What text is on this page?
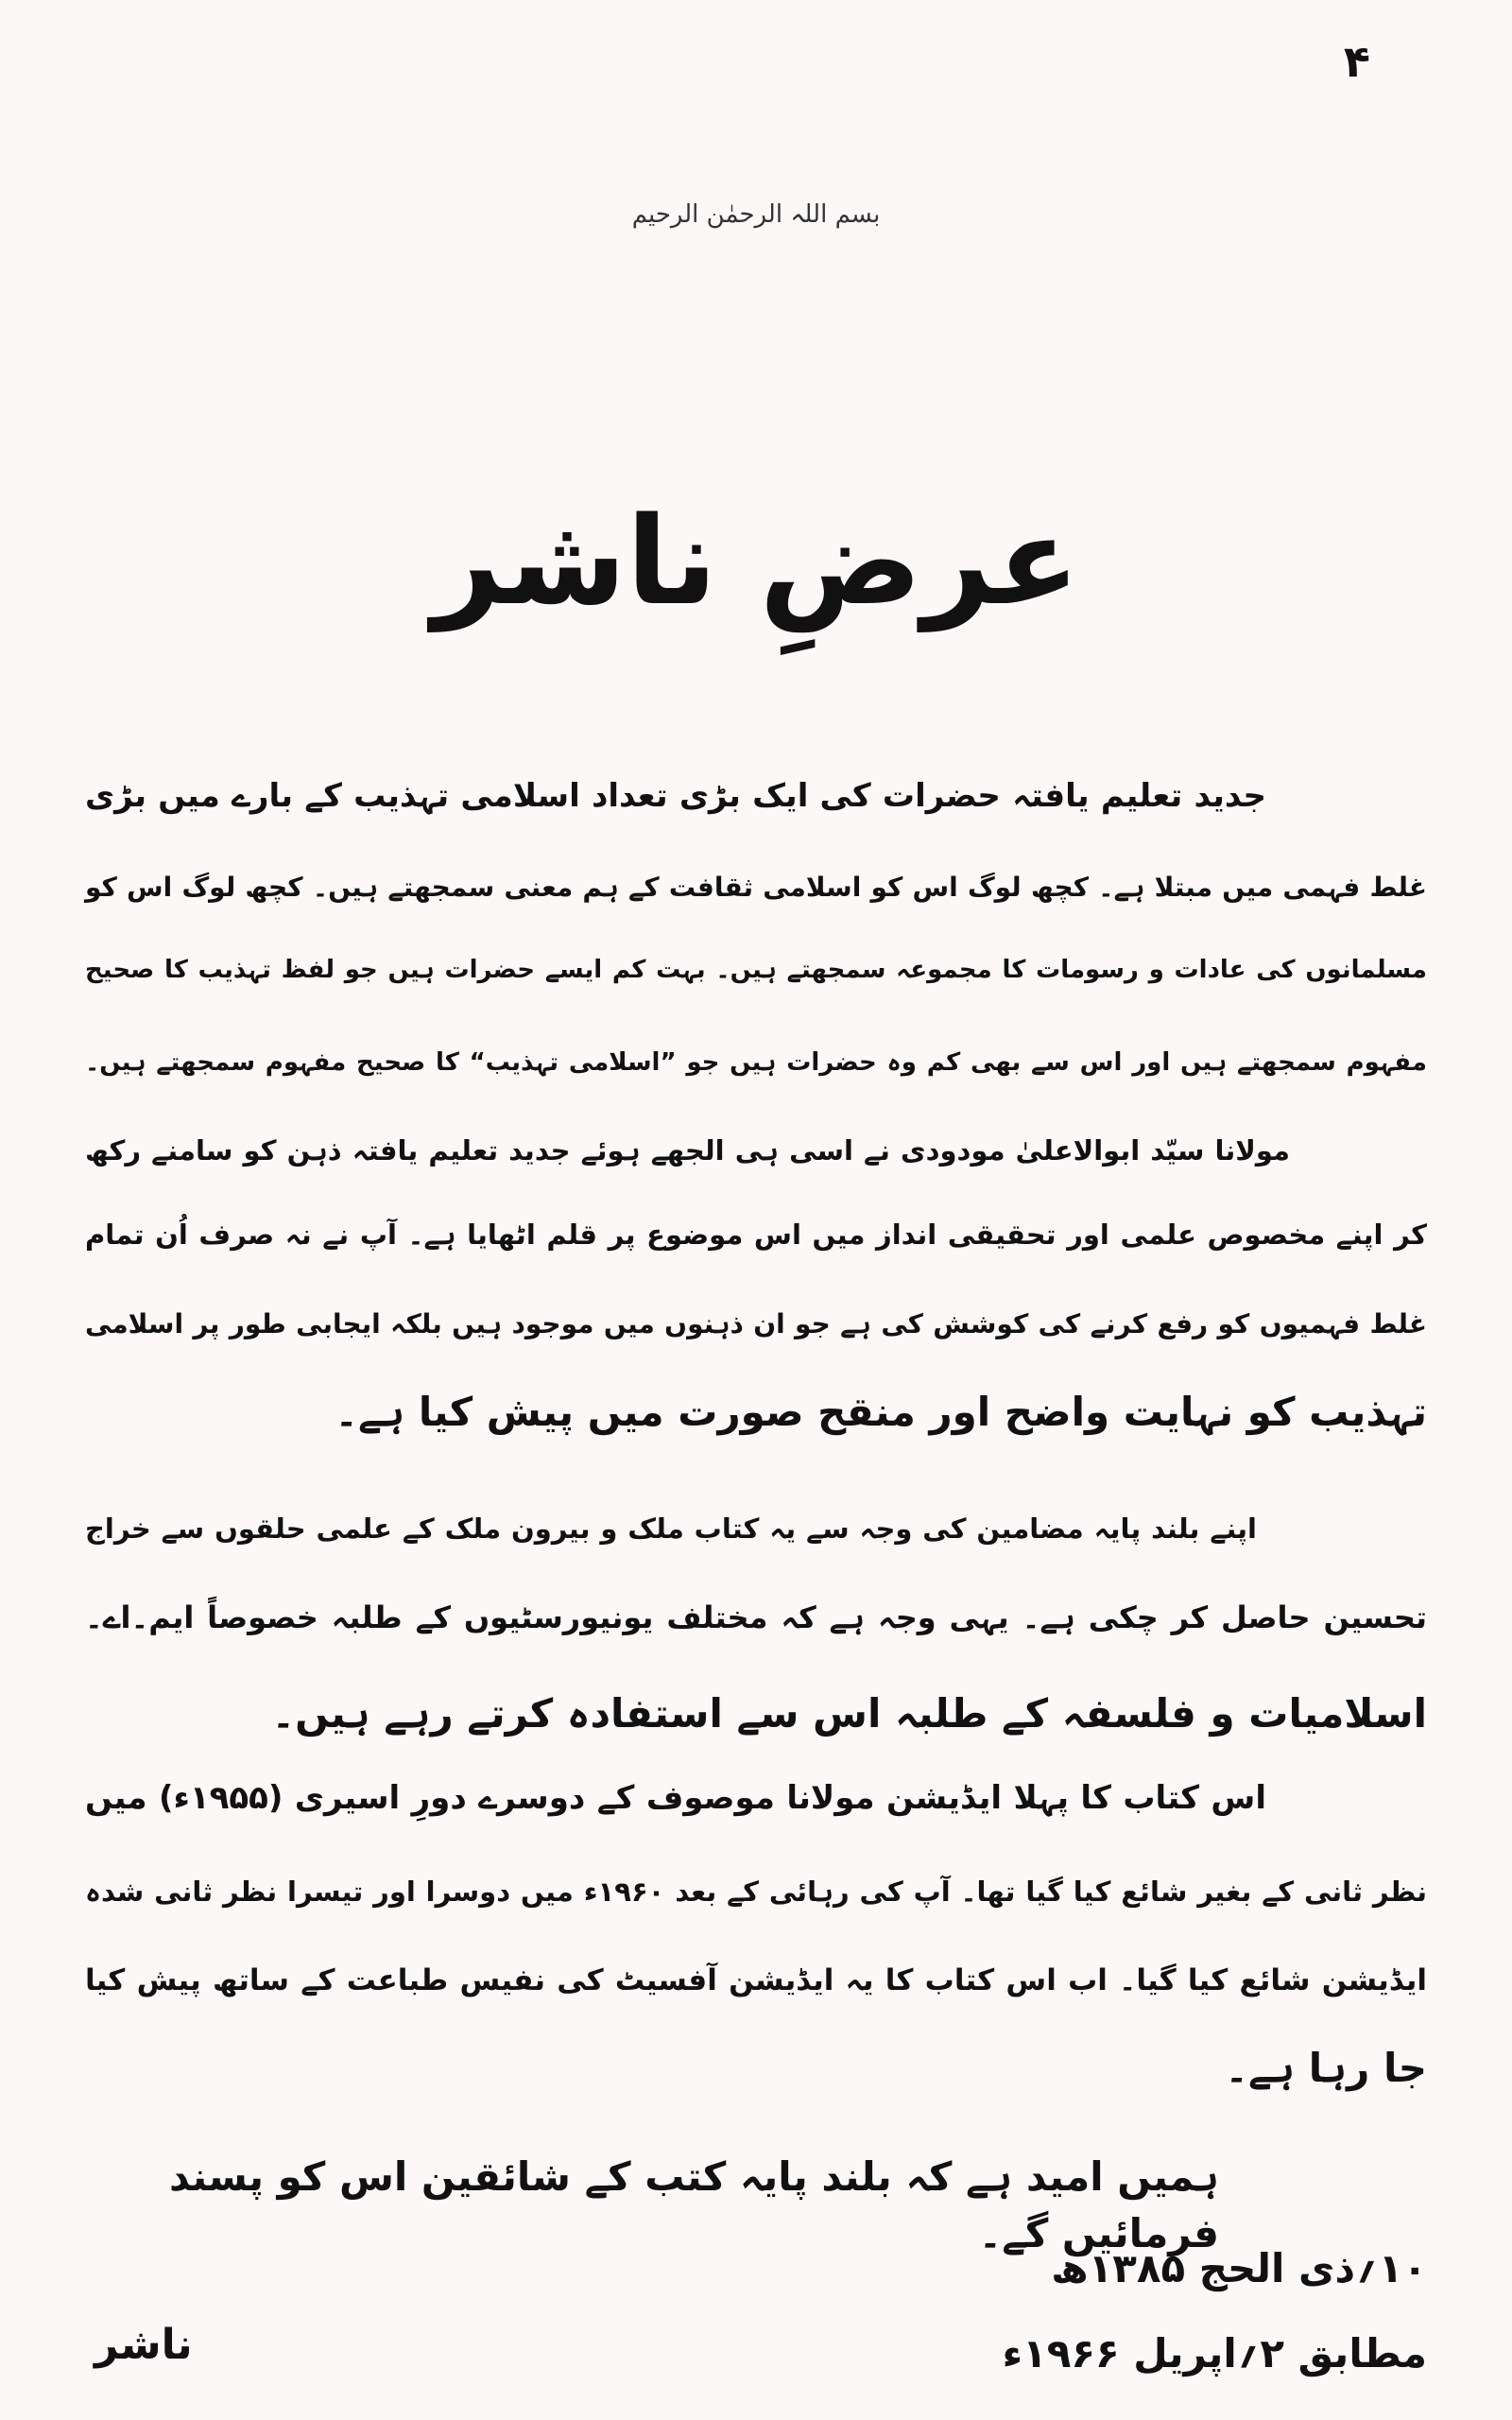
۴
بسم اللہ الرحمٰن الرحیم
عرضِ ناشر
جدید تعلیم یافتہ حضرات کی ایک بڑی تعداد اسلامی تہذیب کے بارے میں بڑی
غلط فہمی میں مبتلا ہے۔ کچھ لوگ اس کو اسلامی ثقافت کے ہم معنی سمجھتے ہیں۔ کچھ لوگ اس کو
مسلمانوں کی عادات و رسومات کا مجموعہ سمجھتے ہیں۔ بہت کم ایسے حضرات ہیں جو لفظ تہذیب کا صحیح
مفہوم سمجھتے ہیں اور اس سے بھی کم وہ حضرات ہیں جو ”اسلامی تہذیب“ کا صحیح مفہوم سمجھتے ہیں۔
مولانا سیّد ابوالاعلیٰ مودودی نے اسی ہی الجھے ہوئے جدید تعلیم یافتہ ذہن کو سامنے رکھ
کر اپنے مخصوص علمی اور تحقیقی انداز میں اس موضوع پر قلم اٹھایا ہے۔ آپ نے نہ صرف اُن تمام
غلط فہمیوں کو رفع کرنے کی کوشش کی ہے جو ان ذہنوں میں موجود ہیں بلکہ ایجابی طور پر اسلامی
تہذیب کو نہایت واضح اور منقح صورت میں پیش کیا ہے۔
اپنے بلند پایہ مضامین کی وجہ سے یہ کتاب ملک و بیرون ملک کے علمی حلقوں سے خراج
تحسین حاصل کر چکی ہے۔ یہی وجہ ہے کہ مختلف یونیورسٹیوں کے طلبہ خصوصاً ایم۔اے۔
اسلامیات و فلسفہ کے طلبہ اس سے استفادہ کرتے رہے ہیں۔
اس کتاب کا پہلا ایڈیشن مولانا موصوف کے دوسرے دورِ اسیری (۱۹۵۵ء) میں
نظر ثانی کے بغیر شائع کیا گیا تھا۔ آپ کی رہائی کے بعد ۱۹۶۰ء میں دوسرا اور تیسرا نظر ثانی شدہ
ایڈیشن شائع کیا گیا۔ اب اس کتاب کا یہ ایڈیشن آفسیٹ کی نفیس طباعت کے ساتھ پیش کیا
جا رہا ہے۔
ہمیں امید ہے کہ بلند پایہ کتب کے شائقین اس کو پسند فرمائیں گے۔
۱۰؍ذی الحج ۱۳۸۵ھ
مطابق ۲؍اپریل ۱۹۶۶ء
ناشر
